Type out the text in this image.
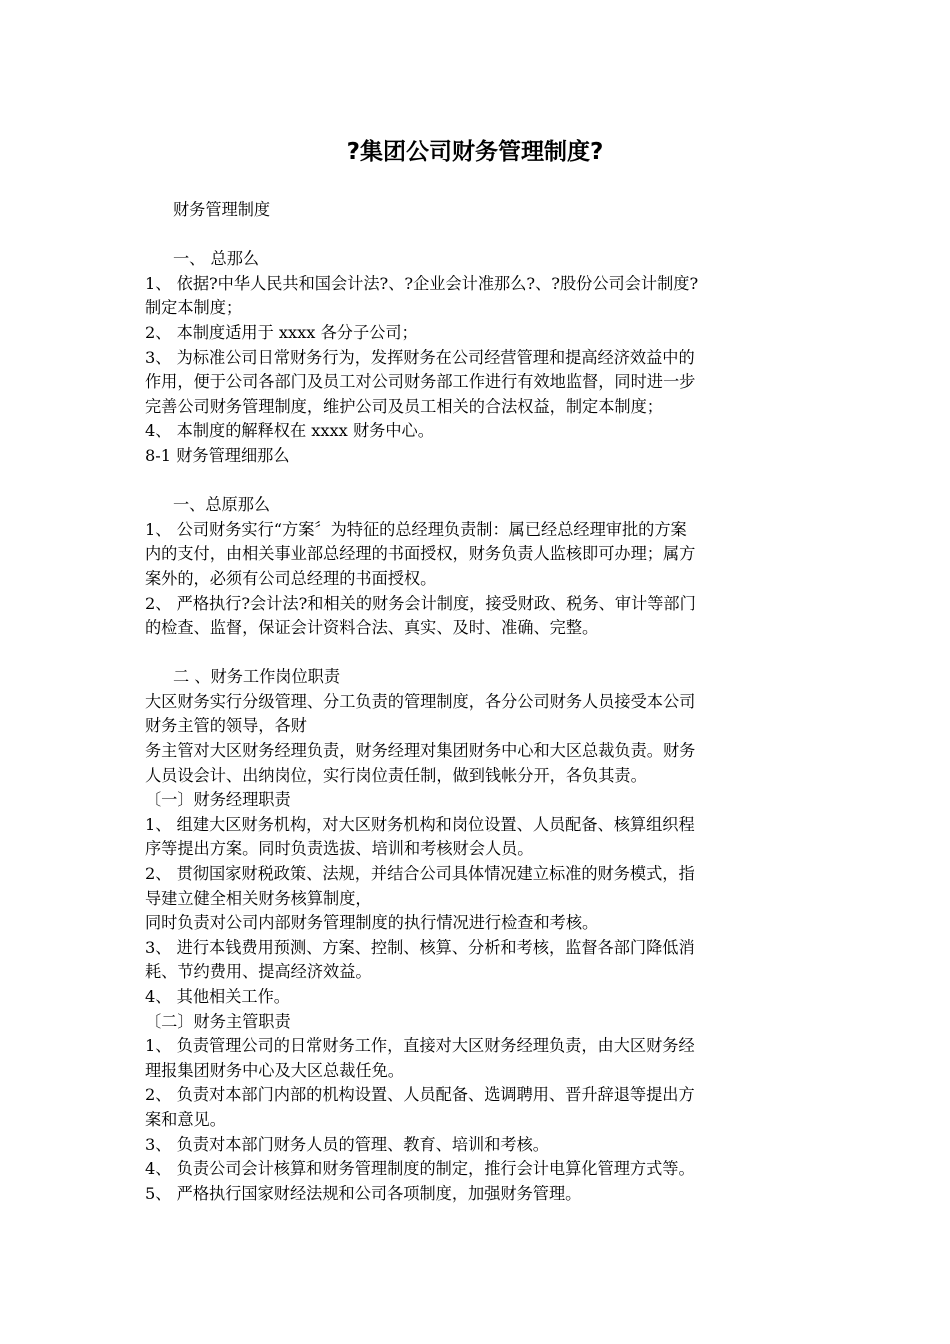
?集团公司财务管理制度?

财务管理制度

一、 总那么

1、 依据?中华人民共和国会计法?、?企业会计准那么?、?股份公司会计制度?

制定本制度；

2、 本制度适用于 xxxx 各分子公司；

3、 为标准公司日常财务行为，发挥财务在公司经营管理和提高经济效益中的

作用，便于公司各部门及员工对公司财务部工作进行有效地监督，同时进一步

完善公司财务管理制度，维护公司及员工相关的合法权益，制定本制度；

4、 本制度的解释权在 xxxx 财务中心。

8-1 财务管理细那么

一、总原那么

1、 公司财务实行“方案〞为特征的总经理负责制：属已经总经理审批的方案

内的支付，由相关事业部总经理的书面授权，财务负责人监核即可办理；属方

案外的，必须有公司总经理的书面授权。

2、 严格执行?会计法?和相关的财务会计制度，接受财政、税务、审计等部门

的检查、监督，保证会计资料合法、真实、及时、准确、完整。

二 、财务工作岗位职责

大区财务实行分级管理、分工负责的管理制度，各分公司财务人员接受本公司

财务主管的领导，各财

务主管对大区财务经理负责，财务经理对集团财务中心和大区总裁负责。财务

人员设会计、出纳岗位，实行岗位责任制，做到钱帐分开，各负其责。

〔一〕财务经理职责

1、 组建大区财务机构，对大区财务机构和岗位设置、人员配备、核算组织程

序等提出方案。同时负责选拔、培训和考核财会人员。

2、 贯彻国家财税政策、法规，并结合公司具体情况建立标准的财务模式，指

导建立健全相关财务核算制度，

同时负责对公司内部财务管理制度的执行情况进行检查和考核。

3、 进行本钱费用预测、方案、控制、核算、分析和考核，监督各部门降低消

耗、节约费用、提高经济效益。

4、 其他相关工作。

〔二〕财务主管职责

1、 负责管理公司的日常财务工作，直接对大区财务经理负责，由大区财务经

理报集团财务中心及大区总裁任免。

2、 负责对本部门内部的机构设置、人员配备、选调聘用、晋升辞退等提出方

案和意见。

3、 负责对本部门财务人员的管理、教育、培训和考核。

4、 负责公司会计核算和财务管理制度的制定，推行会计电算化管理方式等。

5、 严格执行国家财经法规和公司各项制度，加强财务管理。
